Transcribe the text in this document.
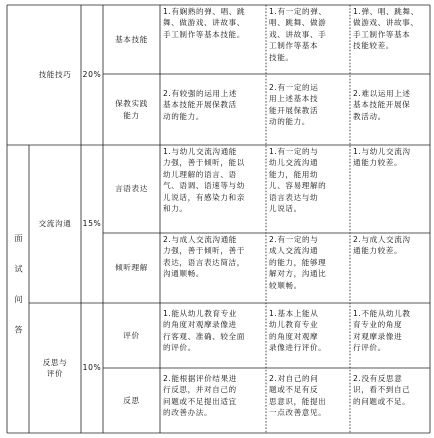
面 试 问 答
技能技巧
交流沟通
反思与
评价
20%
15%
10%
基本技能
保教实践
能力
言语表达
倾听理解
评价
反思
1.有娴熟的弹、唱、跳
舞、做游戏、讲故事、
手工制作等基本技能。
1.有一定的弹、
唱、跳舞、做游
戏、讲故事、手
工制作等基本
技能。
1.弹、唱、跳舞、
做游戏、讲故事、
手工制作等基本
技能较差。
2.有较强的运用上述
基本技能开展保教活
动的能力。
2.有一定的运
用上述基本技
能开展保教活
动的能力。
2.难以运用上述
基本技能开展保
教活动。
1.与幼儿交流沟通能
力强，善于倾听，能以
幼儿理解的语言、语
气、语调、语速等与幼
儿说话，有感染力和亲
和力。
1.有一定的与
幼儿交流沟通
能力，能用幼
儿、容易理解的
语言表达与幼
儿说话。
1.与幼儿交流沟
通能力较差。
2.与成人交流沟通能
力强，善于倾听，善于
表达，语言表达简洁，
沟通顺畅。
2.有一定的与
成人交流沟通
的能力，能够理
解对方，沟通比
较顺畅。
2.与成人交流沟
通能力较差。
1.能从幼儿教育专业
的角度对观摩录像进
行客观、准确、较全面
的评价。
1.基本上能从
幼儿教育专业
的角度对观摩
录像进行评价。
1.不能从幼儿教
育专业的角度
对观摩录像进
行评价。
2.能根据评价结果进
行反思，并对自己的
问题或不足提出适宜
的改善办法。
2.对自己的问
题或不足有反
思意识，能提出
一点改善意见。
2.没有反思意
识，看不到自己
的问题或不足。
